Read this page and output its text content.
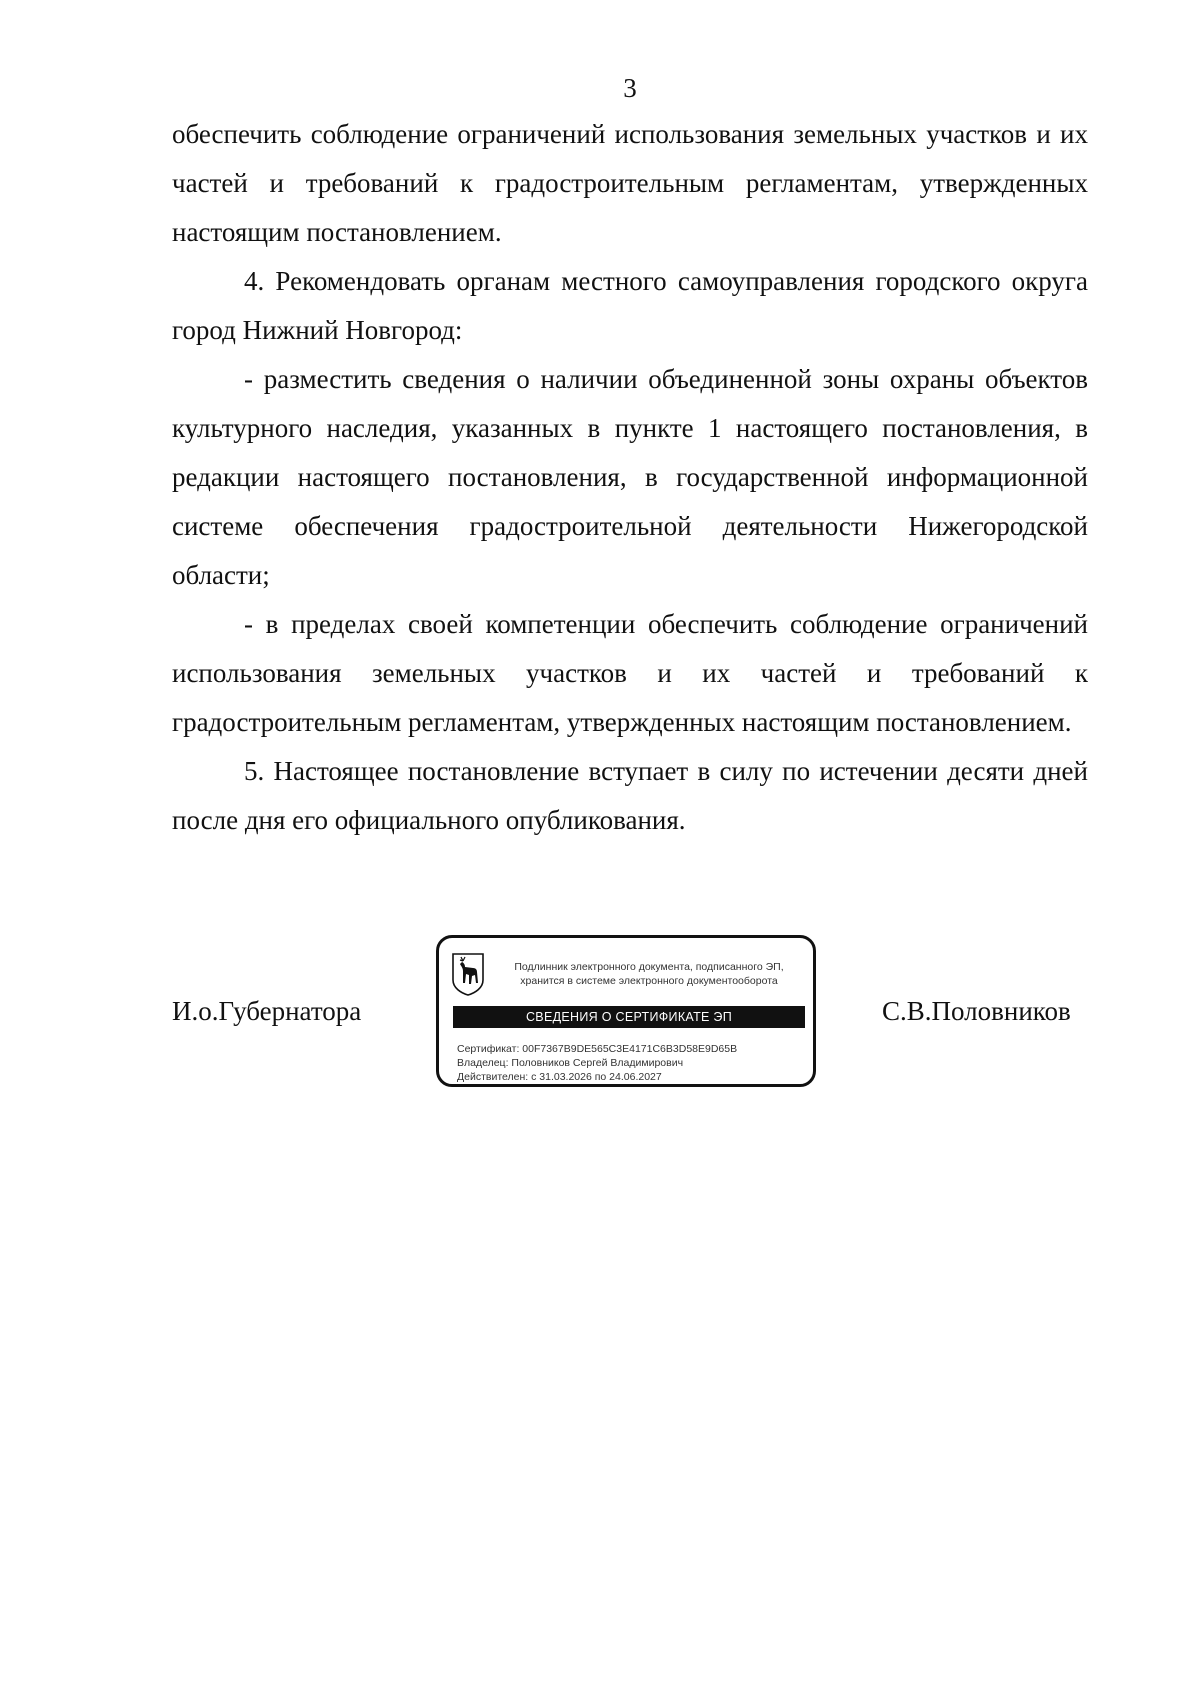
3

обеспечить соблюдение ограничений использования земельных участков и их частей и требований к градостроительным регламентам, утвержденных настоящим постановлением.

4. Рекомендовать органам местного самоуправления городского округа город Нижний Новгород:

- разместить сведения о наличии объединенной зоны охраны объектов культурного наследия, указанных в пункте 1 настоящего постановления, в редакции настоящего постановления, в государственной информационной системе обеспечения градостроительной деятельности Нижегородской области;

- в пределах своей компетенции обеспечить соблюдение ограничений использования земельных участков и их частей и требований к градостроительным регламентам, утвержденных настоящим постановлением.

5. Настоящее постановление вступает в силу по истечении десяти дней после дня его официального опубликования.

И.о.Губернатора
Подлинник электронного документа, подписанного ЭП,
хранится в системе электронного документооборота
СВЕДЕНИЯ О СЕРТИФИКАТЕ ЭП
Сертификат: 00F7367B9DE565C3E4171C6B3D58E9D65B
Владелец: Половников Сергей Владимирович
Действителен: с 31.03.2026 по 24.06.2027
С.В.Половников
